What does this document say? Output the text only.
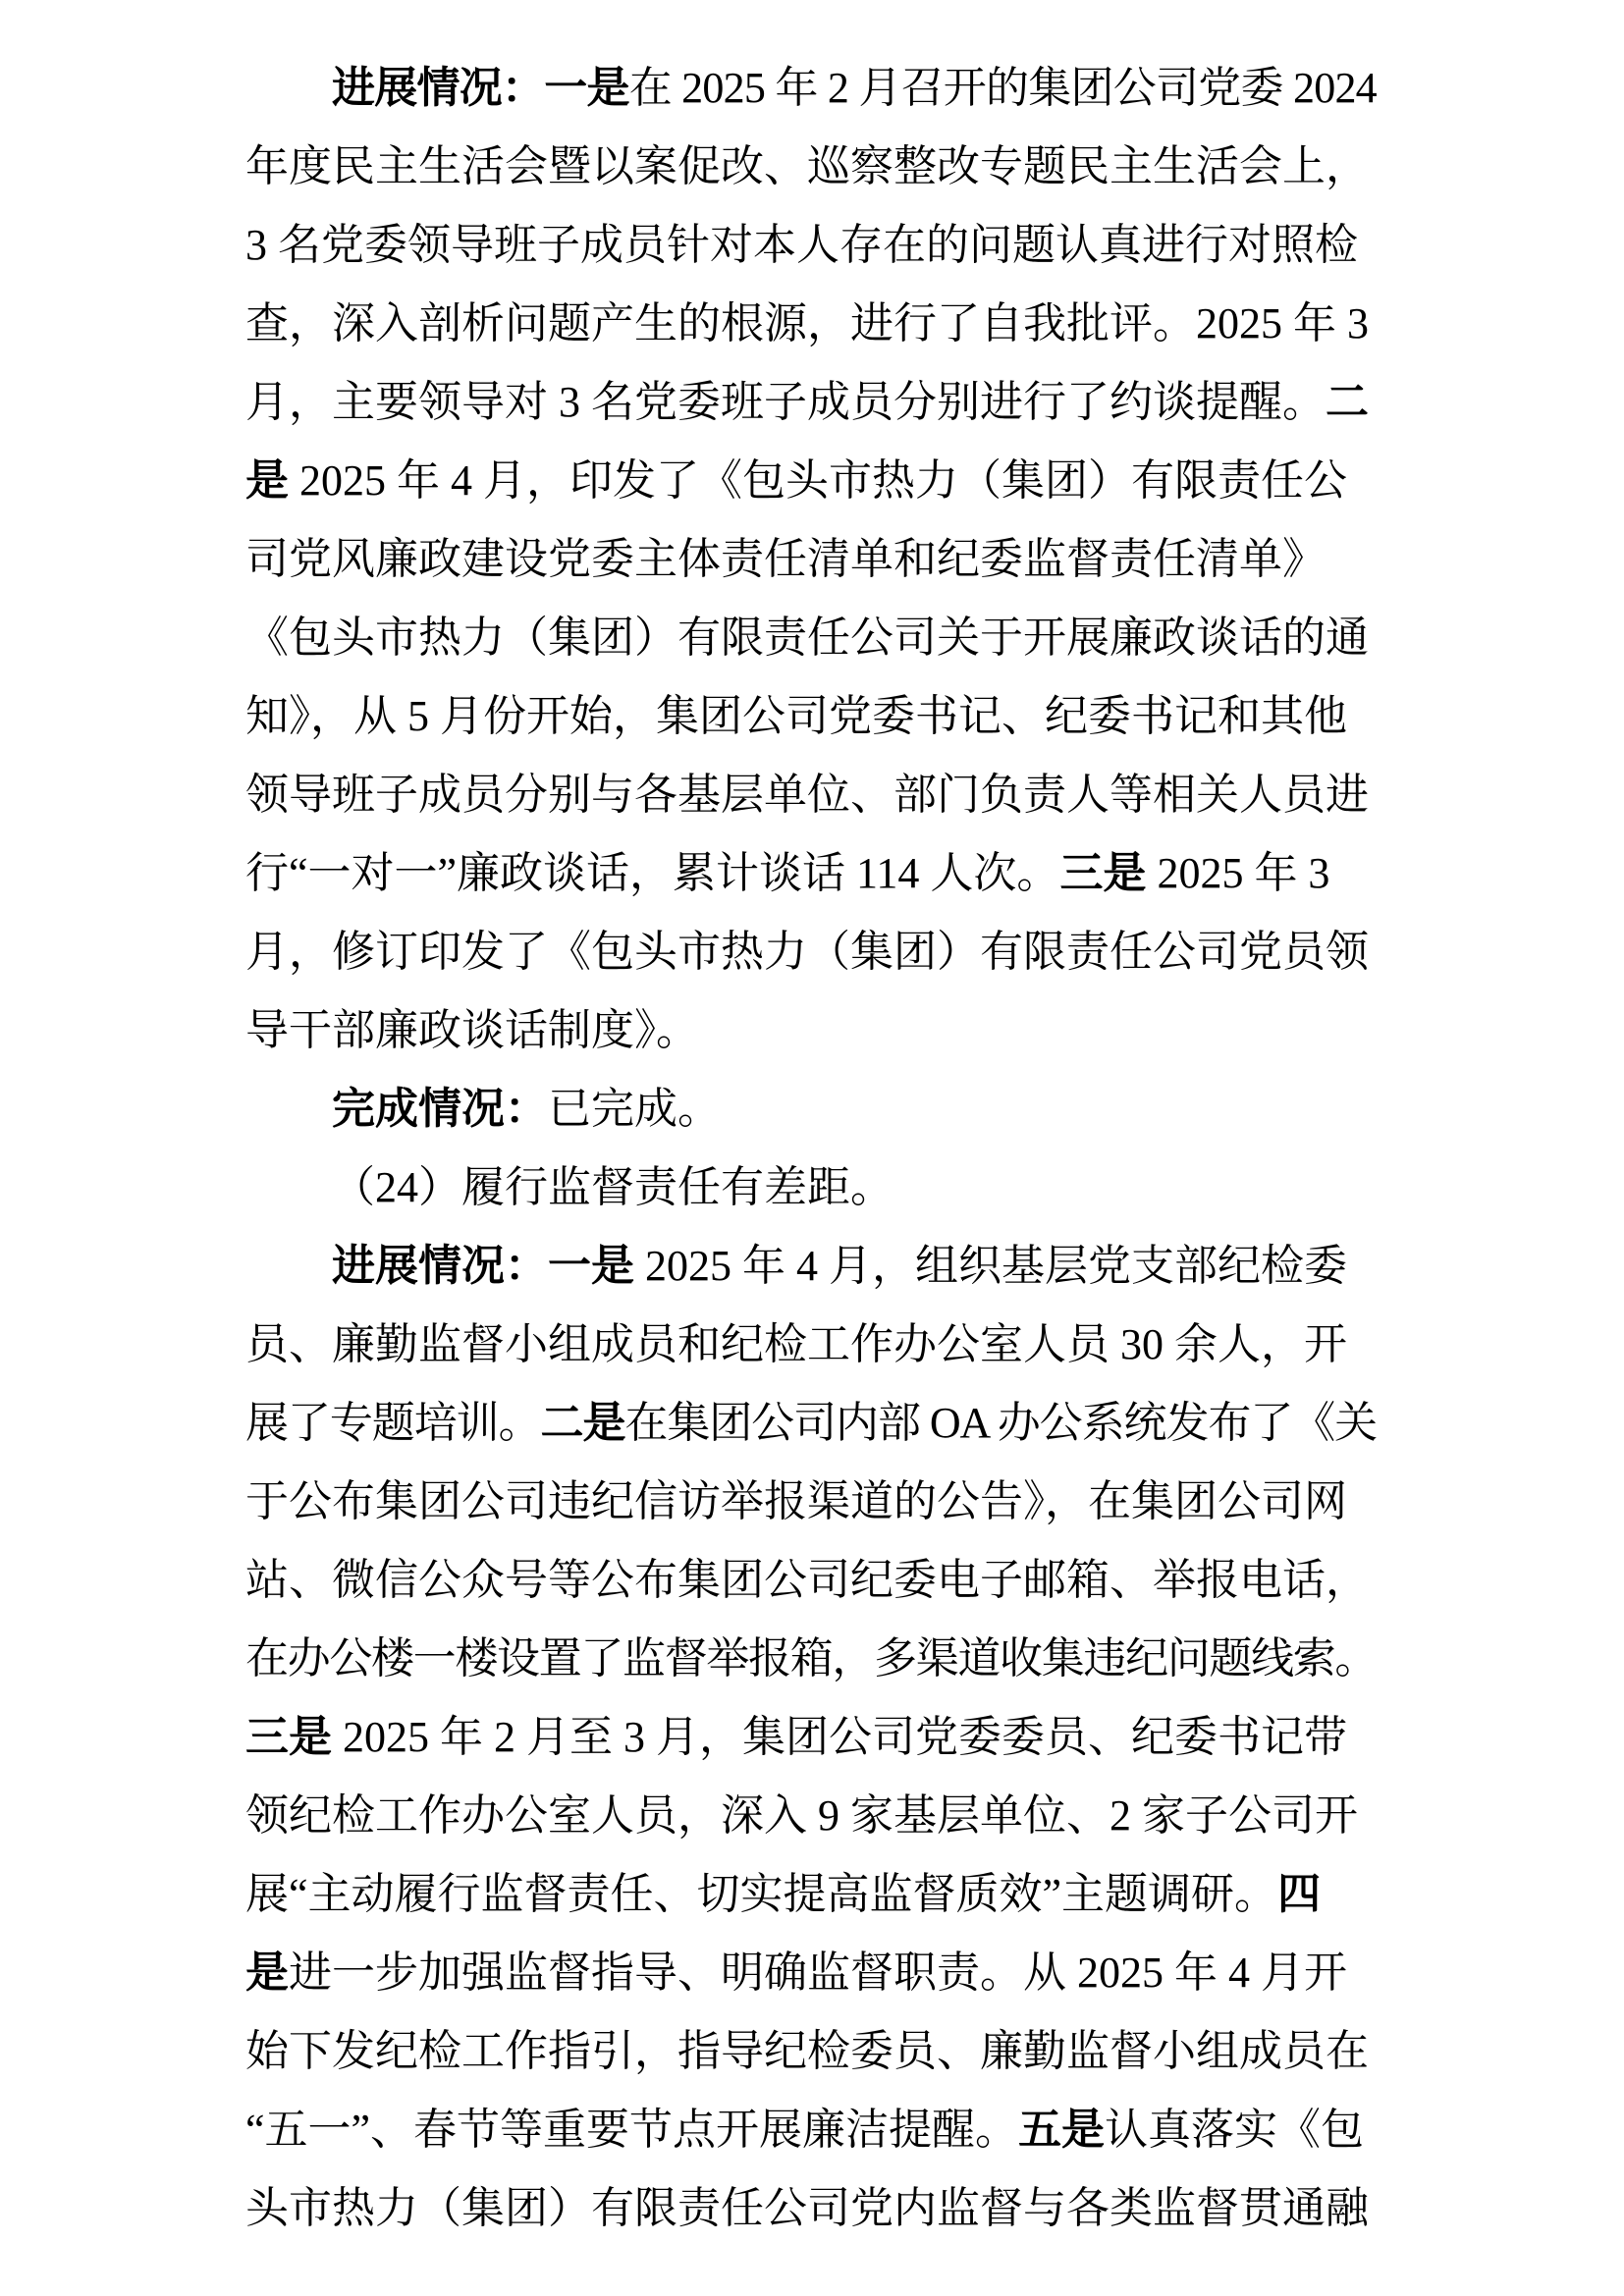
进展情况：一是在 2025 年 2 月召开的集团公司党委 2024
年度民主生活会暨以案促改、巡察整改专题民主生活会上，
3 名党委领导班子成员针对本人存在的问题认真进行对照检
查，深入剖析问题产生的根源，进行了自我批评。2025 年 3
月，主要领导对 3 名党委班子成员分别进行了约谈提醒。二
是 2025 年 4 月，印发了《包头市热力（集团）有限责任公
司党风廉政建设党委主体责任清单和纪委监督责任清单》
《包头市热力（集团）有限责任公司关于开展廉政谈话的通
知》，从 5 月份开始，集团公司党委书记、纪委书记和其他
领导班子成员分别与各基层单位、部门负责人等相关人员进
行“一对一”廉政谈话，累计谈话 114 人次。三是 2025 年 3
月，修订印发了《包头市热力（集团）有限责任公司党员领
导干部廉政谈话制度》。
完成情况：已完成。
（24）履行监督责任有差距。
进展情况：一是 2025 年 4 月，组织基层党支部纪检委
员、廉勤监督小组成员和纪检工作办公室人员 30 余人，开
展了专题培训。二是在集团公司内部 OA 办公系统发布了《关
于公布集团公司违纪信访举报渠道的公告》，在集团公司网
站、微信公众号等公布集团公司纪委电子邮箱、举报电话，
在办公楼一楼设置了监督举报箱，多渠道收集违纪问题线索。
三是 2025 年 2 月至 3 月，集团公司党委委员、纪委书记带
领纪检工作办公室人员，深入 9 家基层单位、2 家子公司开
展“主动履行监督责任、切实提高监督质效”主题调研。四
是进一步加强监督指导、明确监督职责。从 2025 年 4 月开
始下发纪检工作指引，指导纪检委员、廉勤监督小组成员在
“五一”、春节等重要节点开展廉洁提醒。五是认真落实《包
头市热力（集团）有限责任公司党内监督与各类监督贯通融
